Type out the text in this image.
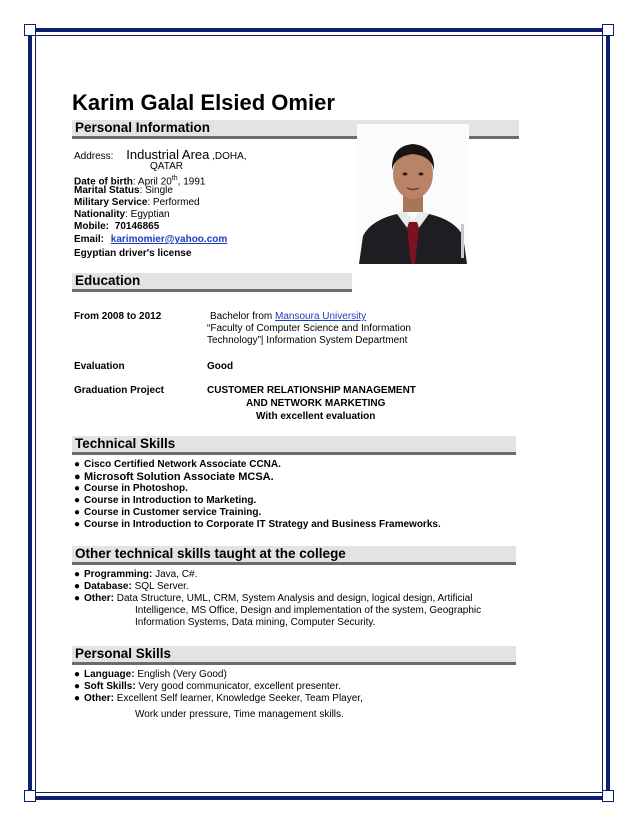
Karim Galal Elsied Omier
Personal Information
Address: Industrial Area ,DOHA,
QATAR
Date of birth: April 20th, 1991
Marital Status: Single
Military Service: Performed
Nationality: Egyptian
Mobile: 70146865
Email: karimomier@yahoo.com
Egyptian driver's license
Education
From 2008 to 2012	Bachelor from Mansoura University
“Faculty of Computer Science and Information
Technology”| Information System Department
Evaluation	Good
Graduation Project	CUSTOMER RELATIONSHIP MANAGEMENT
AND NETWORK MARKETING
With excellent evaluation
Technical Skills
● Cisco Certified Network Associate CCNA.
● Microsoft Solution Associate MCSA.
● Course in Photoshop.
● Course in Introduction to Marketing.
● Course in Customer service Training.
● Course in Introduction to Corporate IT Strategy and Business Frameworks.
Other technical skills taught at the college
● Programming: Java, C#.
● Database: SQL Server.
● Other: Data Structure, UML, CRM, System Analysis and design, logical design, Artificial
Intelligence, MS Office, Design and implementation of the system, Geographic
Information Systems, Data mining, Computer Security.
Personal Skills
● Language: English (Very Good)
● Soft Skills: Very good communicator, excellent presenter.
● Other: Excellent Self learner, Knowledge Seeker, Team Player,
Work under pressure, Time management skills.
